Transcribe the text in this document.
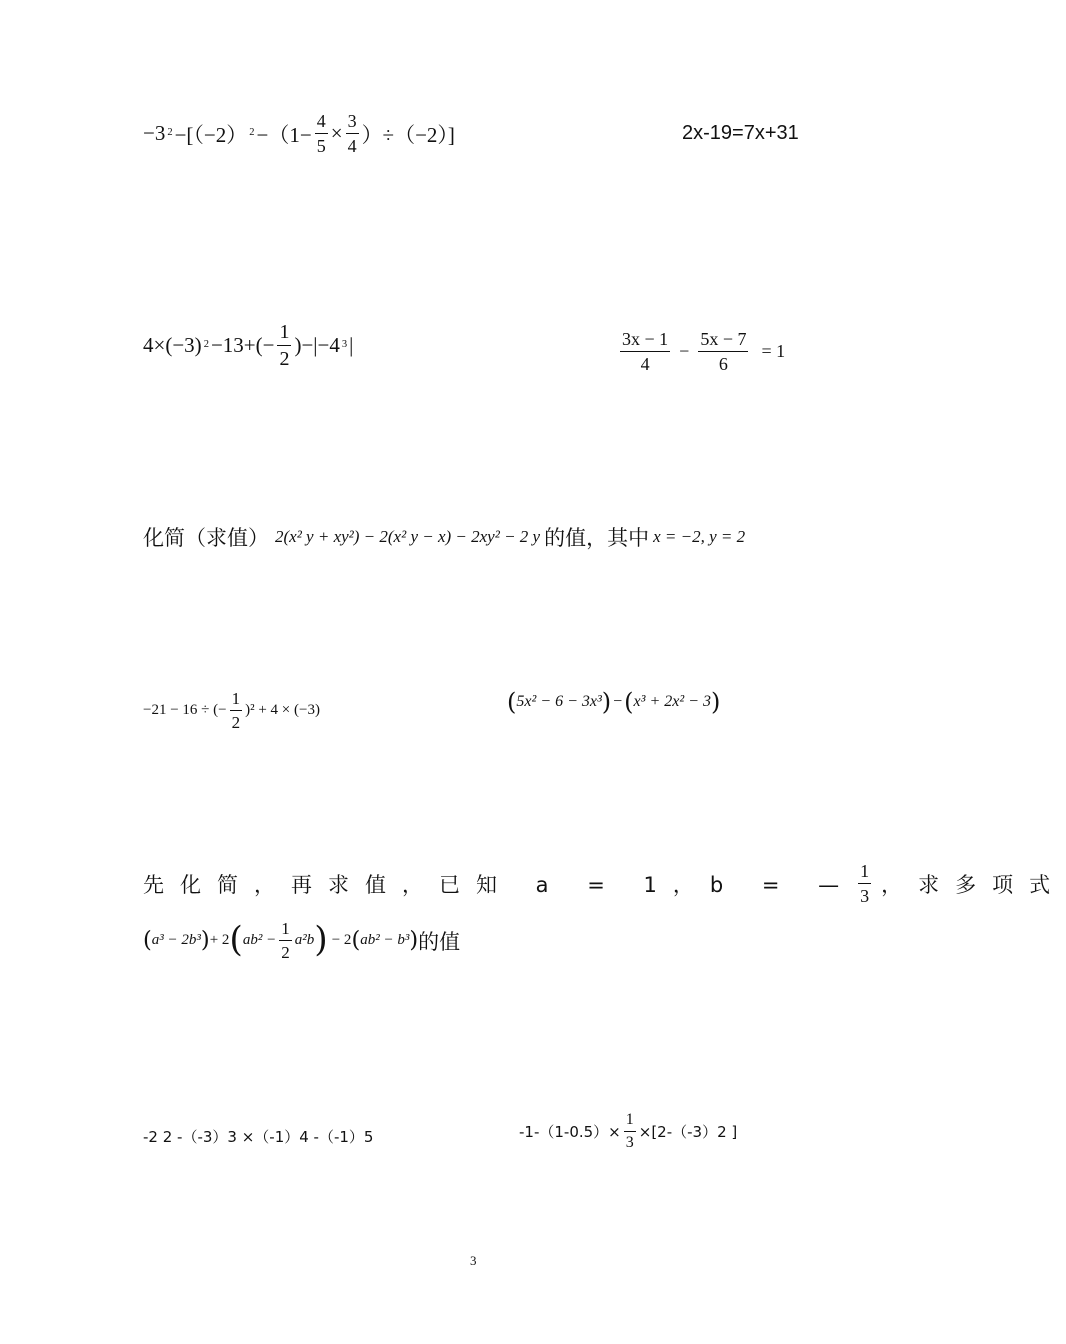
−3 2 −[（−2） $2 -(1- \frac{4}{5} \times \frac{3}{4} )\div(-2)$]	2x-19=7x+31
4×(−3) $2 -13+(- \frac{1}{2} )-|-4$ 3 |	$\frac{3x - 1}{4} - \frac{5x - 7}{6} = 1$
化简（求值） 2(x² y + xy²) − 2(x² y − x) − 2xy² − 2 y 的值，其中 x = −2, y = 2
−21 − 16 ÷ (− $\frac{1}{2} )^2 + 4 \times (-3)$	( 5x² − 6 − 3x³ ) − ( x³ + 2x² − 3 )
先化简，再求值，已知 a = 1，b = — $\frac{1}{3}$ ，求多项式
( a³ − 2b³ ) + 2 ( $ab^2 - \frac{1}{2} a^2b$ ) − 2 ( ab² − b³ ) 的值
-2 2 -（-3）3 ×（-1）4 -（-1）5	$-1-(1-0.5)\times \frac{1}{3} \times[2-(-3)2$ ]
3
